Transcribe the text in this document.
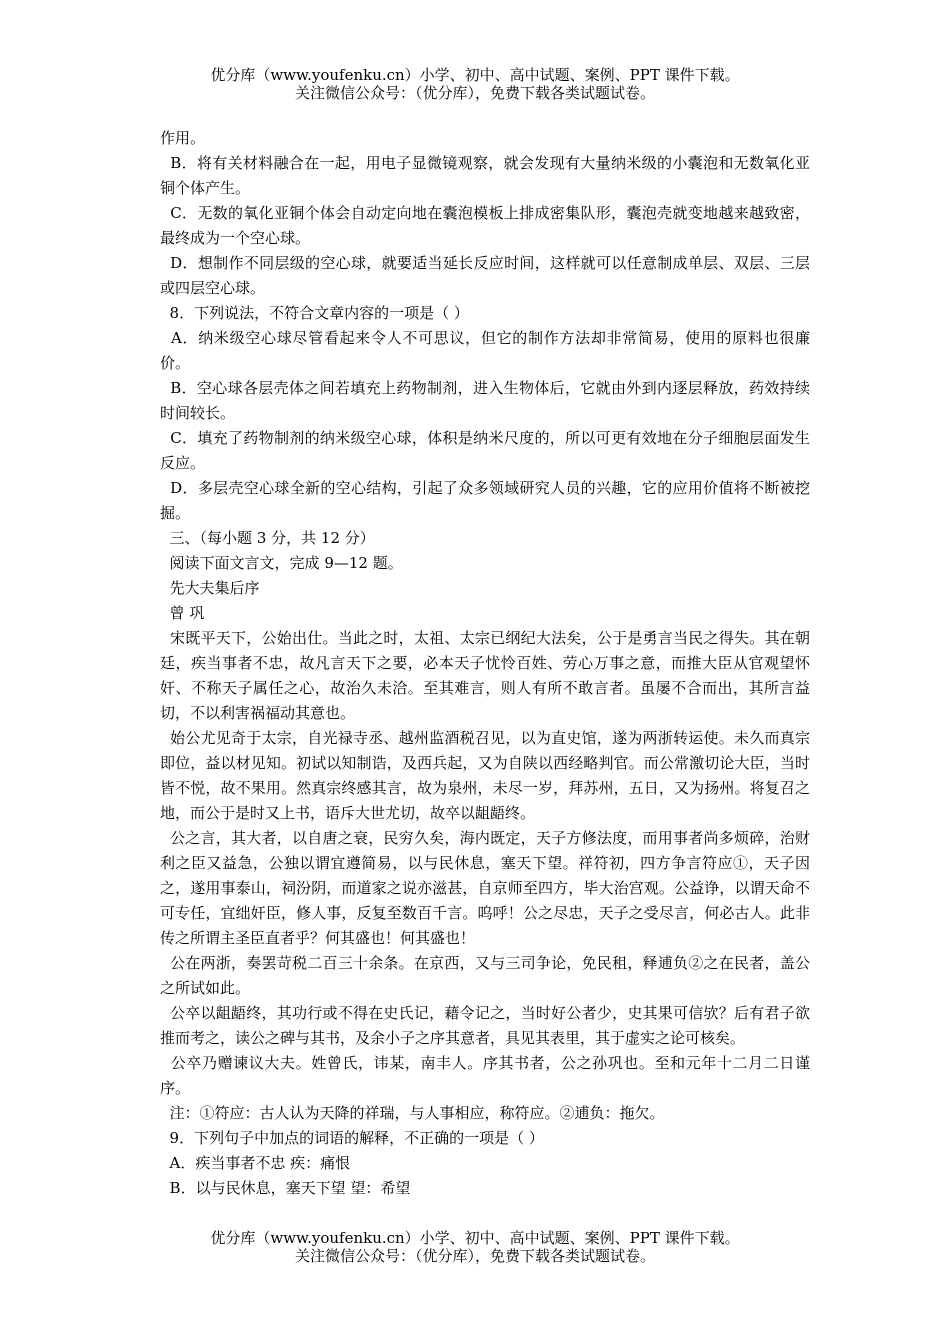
优分库（www.youfenku.cn）小学、初中、高中试题、案例、PPT 课件下载。
关注微信公众号：（优分库），免费下载各类试题试卷。

作用。

B．将有关材料融合在一起，用电子显微镜观察，就会发现有大量纳米级的小囊泡和无数氧化亚铜个体产生。

C．无数的氧化亚铜个体会自动定向地在囊泡模板上排成密集队形，囊泡壳就变地越来越致密，最终成为一个空心球。

D．想制作不同层级的空心球，就要适当延长反应时间，这样就可以任意制成单层、双层、三层或四层空心球。

8．下列说法，不符合文章内容的一项是（ ）

A．纳米级空心球尽管看起来令人不可思议，但它的制作方法却非常简易，使用的原料也很廉价。

B．空心球各层壳体之间若填充上药物制剂，进入生物体后，它就由外到内逐层释放，药效持续时间较长。

C．填充了药物制剂的纳米级空心球，体积是纳米尺度的，所以可更有效地在分子细胞层面发生反应。

D．多层壳空心球全新的空心结构，引起了众多领域研究人员的兴趣，它的应用价值将不断被挖掘。

三、（每小题 3 分，共 12 分）

阅读下面文言文，完成 9—12 题。

先大夫集后序

曾 巩

宋既平天下，公始出仕。当此之时，太祖、太宗已纲纪大法矣，公于是勇言当民之得失。其在朝廷，疾当事者不忠，故凡言天下之要，必本天子忧怜百姓、劳心万事之意，而推大臣从官观望怀奸、不称天子属任之心，故治久未洽。至其难言，则人有所不敢言者。虽屡不合而出，其所言益切，不以利害祸福动其意也。

始公尤见奇于太宗，自光禄寺丞、越州监酒税召见，以为直史馆，遂为两浙转运使。未久而真宗即位，益以材见知。初试以知制诰，及西兵起，又为自陕以西经略判官。而公常激切论大臣，当时皆不悦，故不果用。然真宗终感其言，故为泉州，未尽一岁，拜苏州，五日，又为扬州。将复召之地，而公于是时又上书，语斥大世尤切，故卒以龃龉终。

公之言，其大者，以自唐之衰，民穷久矣，海内既定，天子方修法度，而用事者尚多烦碎，治财利之臣又益急，公独以谓宜遵简易，以与民休息，塞天下望。祥符初，四方争言符应①，天子因之，遂用事泰山，祠汾阴，而道家之说亦滋甚，自京师至四方，毕大治宫观。公益诤，以谓天命不可专任，宜绌奸臣，修人事，反复至数百千言。呜呼！公之尽忠，天子之受尽言，何必古人。此非传之所谓主圣臣直者乎？何其盛也！何其盛也！

公在两浙，奏罢苛税二百三十余条。在京西，又与三司争论，免民租，释逋负②之在民者，盖公之所试如此。

公卒以龃龉终，其功行或不得在史氏记，藉令记之，当时好公者少，史其果可信欤？后有君子欲推而考之，读公之碑与其书，及余小子之序其意者，具见其表里，其于虚实之论可核矣。

公卒乃赠谏议大夫。姓曾氏，讳某，南丰人。序其书者，公之孙巩也。至和元年十二月二日谨序。

注：①符应：古人认为天降的祥瑞，与人事相应，称符应。②逋负：拖欠。

9．下列句子中加点的词语的解释，不正确的一项是（ ）

A．疾当事者不忠 疾：痛恨

B．以与民休息，塞天下望 望：希望

优分库（www.youfenku.cn）小学、初中、高中试题、案例、PPT 课件下载。
关注微信公众号：（优分库），免费下载各类试题试卷。
